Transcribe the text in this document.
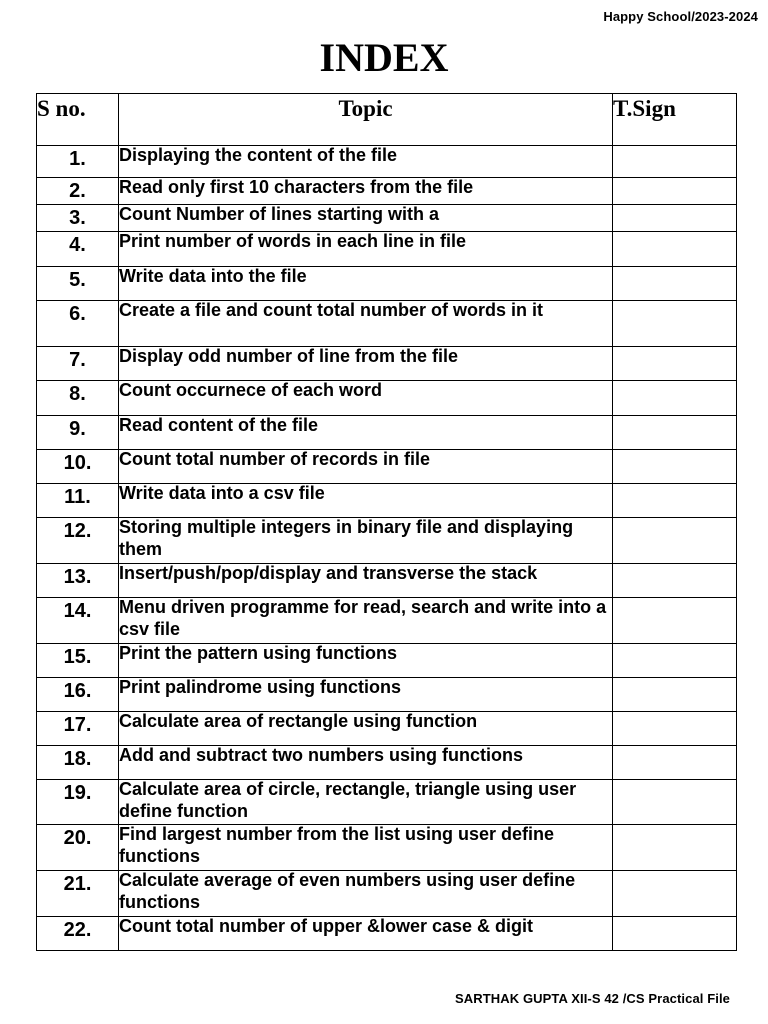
Happy School/2023-2024
INDEX
S no.	Topic	T.Sign

1.	Displaying the content of the file	

2.	Read only first 10 characters from the file	

3.	Count Number of lines starting with a	

4.	Print number of words in each line in file	

5.	Write data into the file	

6.	Create a file and count total number of words in it	

7.	Display odd number of line from the file	

8.	Count occurnece of each word	

9.	Read content of the file	

10.	Count total number of records in file	

11.	Write data into a csv file	

12.	Storing multiple integers in binary file and displaying them	

13.	Insert/push/pop/display and transverse the stack	

14.	Menu driven programme for read, search and write into a csv file	

15.	Print the pattern using functions	

16.	Print palindrome using functions	

17.	Calculate area of rectangle using function	

18.	Add and subtract two numbers using functions	

19.	Calculate area of circle, rectangle, triangle using user define function	

20.	Find largest number from the list using user define functions	

21.	Calculate average of even numbers using user define functions	

22.	Count total number of upper &lower case & digit	

SARTHAK GUPTA XII-S 42 /CS Practical File
